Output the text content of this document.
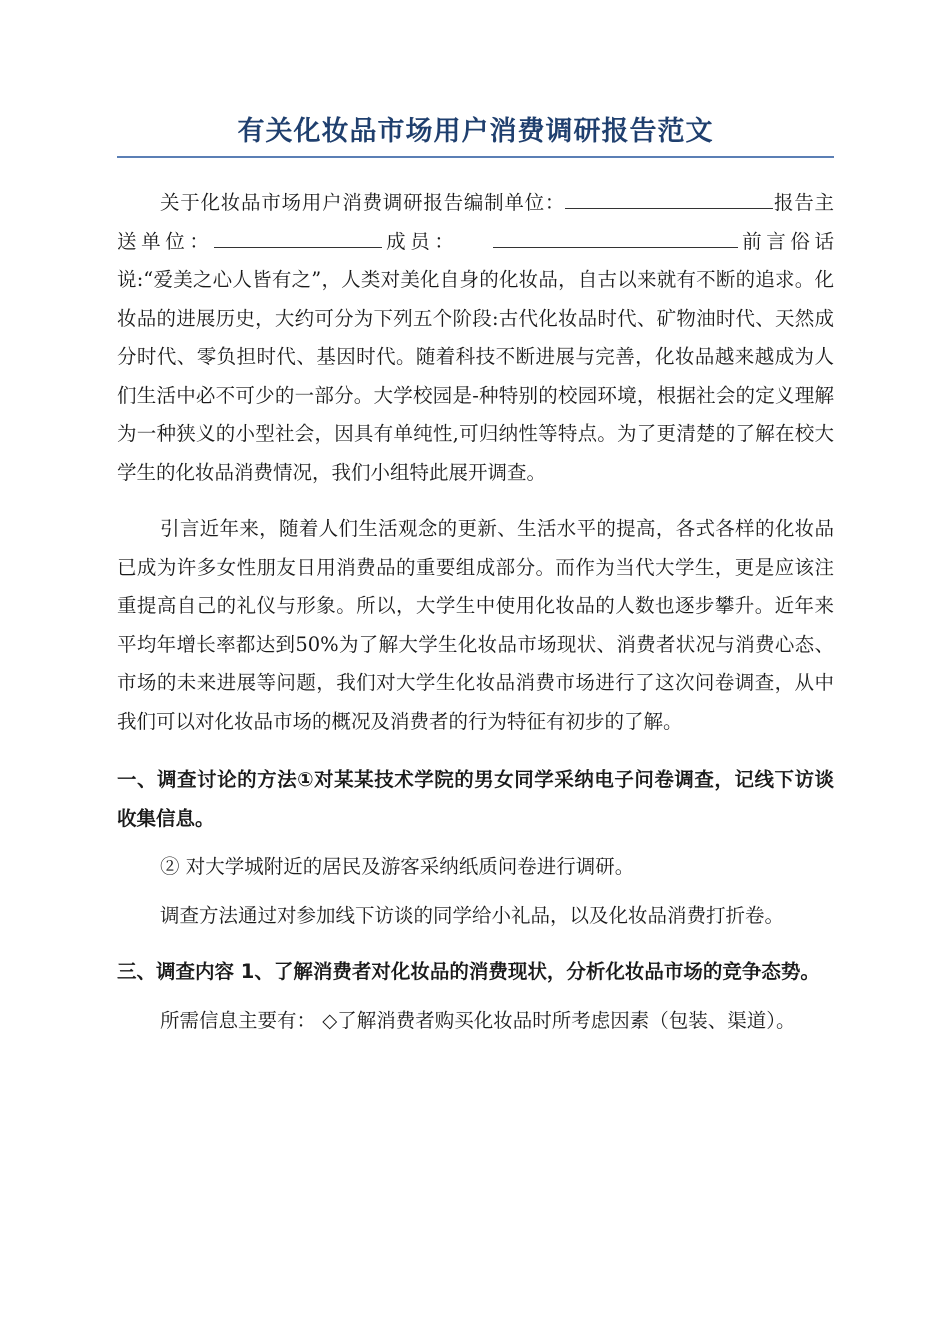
有关化妆品市场用户消费调研报告范文

关于化妆品市场用户消费调研报告编制单位：	报告主送单位：	成员：	前言俗话说:“爱美之心人皆有之”，人类对美化自身的化妆品，自古以来就有不断的追求。化妆品的进展历史，大约可分为下列五个阶段:古代化妆品时代、矿物油时代、天然成分时代、零负担时代、基因时代。随着科技不断进展与完善，化妆品越来越成为人们生活中必不可少的一部分。大学校园是-种特别的校园环境，根据社会的定义理解为一种狭义的小型社会，因具有单纯性,可归纳性等特点。为了更清楚的了解在校大学生的化妆品消费情况，我们小组特此展开调查。

引言近年来，随着人们生活观念的更新、生活水平的提高，各式各样的化妆品已成为许多女性朋友日用消费品的重要组成部分。而作为当代大学生，更是应该注重提高自己的礼仪与形象。所以，大学生中使用化妆品的人数也逐步攀升。近年来平均年增长率都达到50%为了解大学生化妆品市场现状、消费者状况与消费心态、市场的未来进展等问题，我们对大学生化妆品消费市场进行了这次问卷调查，从中我们可以对化妆品市场的概况及消费者的行为特征有初步的了解。

一、调查讨论的方法①对某某技术学院的男女同学采纳电子问卷调查，记线下访谈收集信息。

② 对大学城附近的居民及游客采纳纸质问卷进行调研。

调查方法通过对参加线下访谈的同学给小礼品，以及化妆品消费打折卷。

三、调查内容 1、了解消费者对化妆品的消费现状，分析化妆品市场的竞争态势。

所需信息主要有： ◇了解消费者购买化妆品时所考虑因素（包装、渠道）。
